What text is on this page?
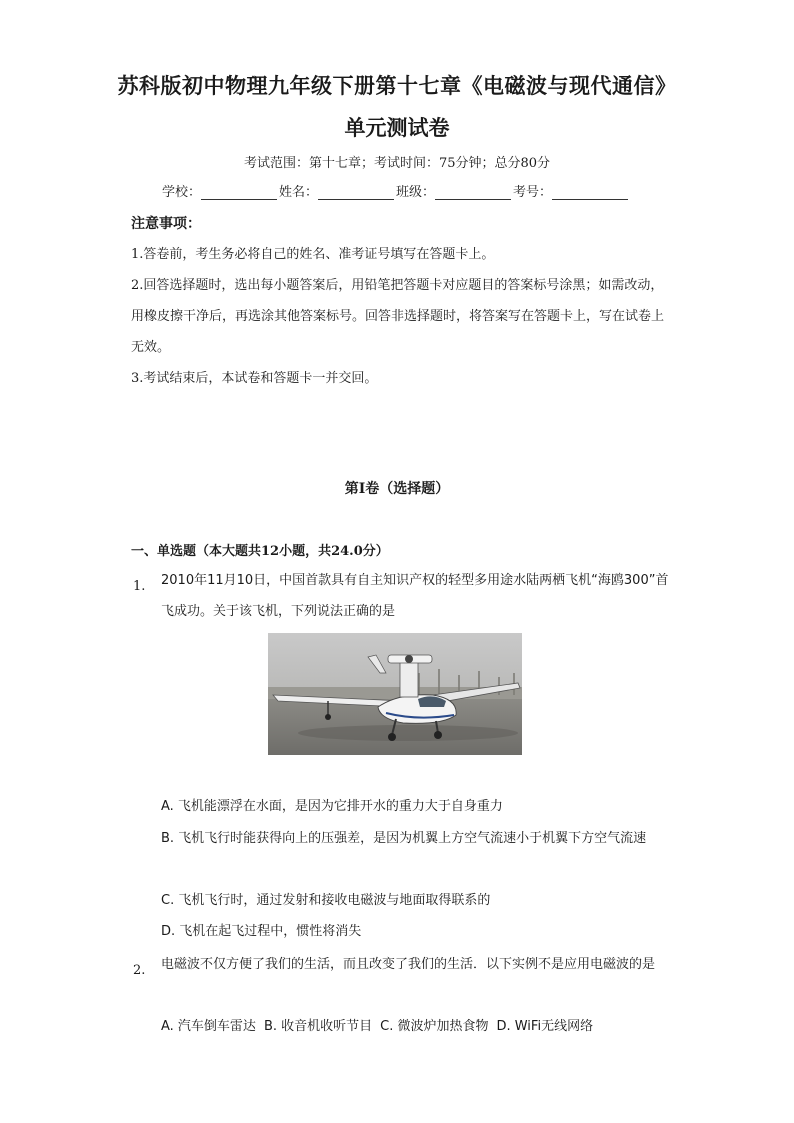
苏科版初中物理九年级下册第十七章《电磁波与现代通信》
单元测试卷
考试范围：第十七章；考试时间：75分钟；总分80分
学校：	姓名：	班级：	考号：
注意事项：
1.答卷前，考生务必将自己的姓名、准考证号填写在答题卡上。
2.回答选择题时，选出每小题答案后，用铅笔把答题卡对应题目的答案标号涂黑；如需改动，用橡皮擦干净后，再选涂其他答案标号。回答非选择题时，将答案写在答题卡上，写在试卷上无效。
3.考试结束后，本试卷和答题卡一并交回。
第I卷（选择题）
一、单选题（本大题共12小题，共24.0分）
1. 2010年11月10日，中国首款具有自主知识产权的轻型多用途水陆两栖飞机“海鸥300”首飞成功。关于该飞机，下列说法正确的是
A. 飞机能漂浮在水面，是因为它排开水的重力大于自身重力
B. 飞机飞行时能获得向上的压强差，是因为机翼上方空气流速小于机翼下方空气流速
C. 飞机飞行时，通过发射和接收电磁波与地面取得联系的
D. 飞机在起飞过程中，惯性将消失
2. 电磁波不仅方便了我们的生活，而且改变了我们的生活．以下实例不是应用电磁波的是
A. 汽车倒车雷达 B. 收音机收听节目 C. 微波炉加热食物 D. WiFi无线网络
